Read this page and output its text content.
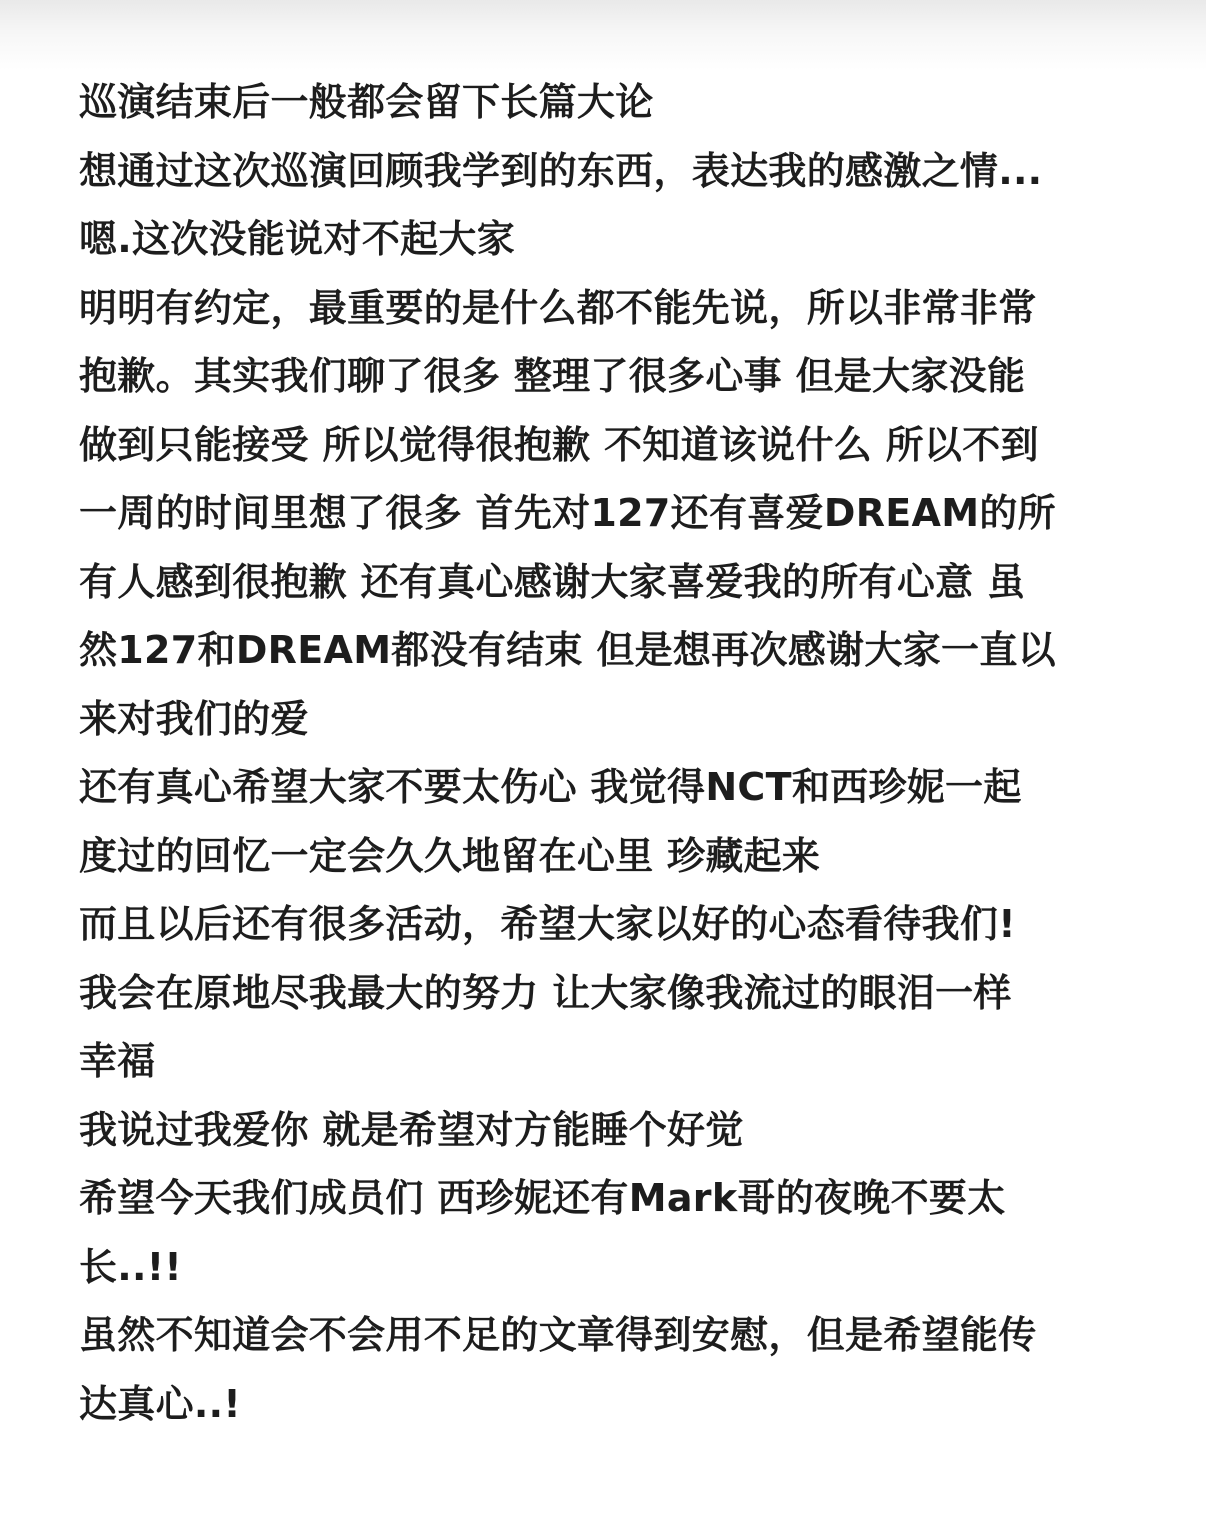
巡演结束后一般都会留下长篇大论
想通过这次巡演回顾我学到的东西，表达我的感激之情...
嗯.这次没能说对不起大家
明明有约定，最重要的是什么都不能先说，所以非常非常
抱歉。其实我们聊了很多 整理了很多心事 但是大家没能
做到只能接受 所以觉得很抱歉 不知道该说什么 所以不到
一周的时间里想了很多 首先对127还有喜爱DREAM的所
有人感到很抱歉 还有真心感谢大家喜爱我的所有心意 虽
然127和DREAM都没有结束 但是想再次感谢大家一直以
来对我们的爱
还有真心希望大家不要太伤心 我觉得NCT和西珍妮一起
度过的回忆一定会久久地留在心里 珍藏起来
而且以后还有很多活动，希望大家以好的心态看待我们!
我会在原地尽我最大的努力 让大家像我流过的眼泪一样
幸福
我说过我爱你 就是希望对方能睡个好觉
希望今天我们成员们 西珍妮还有Mark哥的夜晚不要太
长..!!
虽然不知道会不会用不足的文章得到安慰，但是希望能传
达真心..!
